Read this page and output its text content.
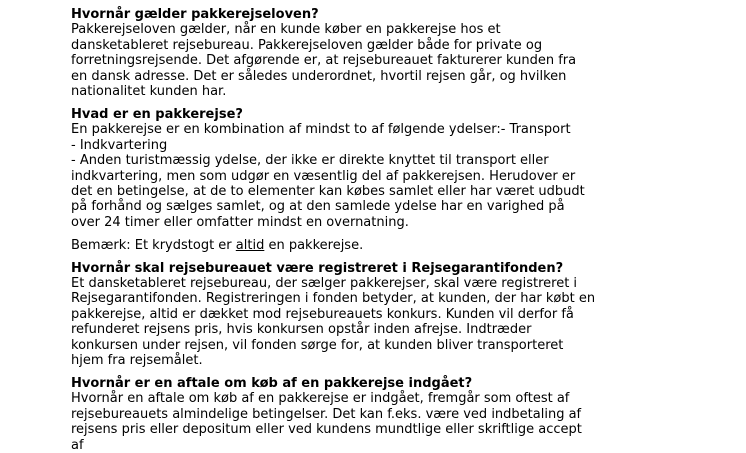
Hvornår gælder pakkerejseloven?

Pakkerejseloven gælder, når en kunde køber en pakkerejse hos et dansketableret rejsebureau. Pakkerejseloven gælder både for private og forretningsrejsende. Det afgørende er, at rejsebureauet fakturerer kunden fra en dansk adresse. Det er således underordnet, hvortil rejsen går, og hvilken nationalitet kunden har.

Hvad er en pakkerejse?

En pakkerejse er en kombination af mindst to af følgende ydelser:- Transport

- Indkvartering

- Anden turistmæssig ydelse, der ikke er direkte knyttet til transport eller indkvartering, men som udgør en væsentlig del af pakkerejsen. Herudover er det en betingelse, at de to elementer kan købes samlet eller har været udbudt på forhånd og sælges samlet, og at den samlede ydelse har en varighed på over 24 timer eller omfatter mindst en overnatning.

Bemærk: Et krydstogt er altid en pakkerejse.

Hvornår skal rejsebureauet være registreret i Rejsegarantifonden?

Et dansketableret rejsebureau, der sælger pakkerejser, skal være registreret i Rejsegarantifonden. Registreringen i fonden betyder, at kunden, der har købt en pakkerejse, altid er dækket mod rejsebureauets konkurs. Kunden vil derfor få refunderet rejsens pris, hvis konkursen opstår inden afrejse. Indtræder konkursen under rejsen, vil fonden sørge for, at kunden bliver transporteret hjem fra rejsemålet.

Hvornår er en aftale om køb af en pakkerejse indgået?

Hvornår en aftale om køb af en pakkerejse er indgået, fremgår som oftest af rejsebureauets almindelige betingelser. Det kan f.eks. være ved indbetaling af rejsens pris eller depositum eller ved kundens mundtlige eller skriftlige accept af
